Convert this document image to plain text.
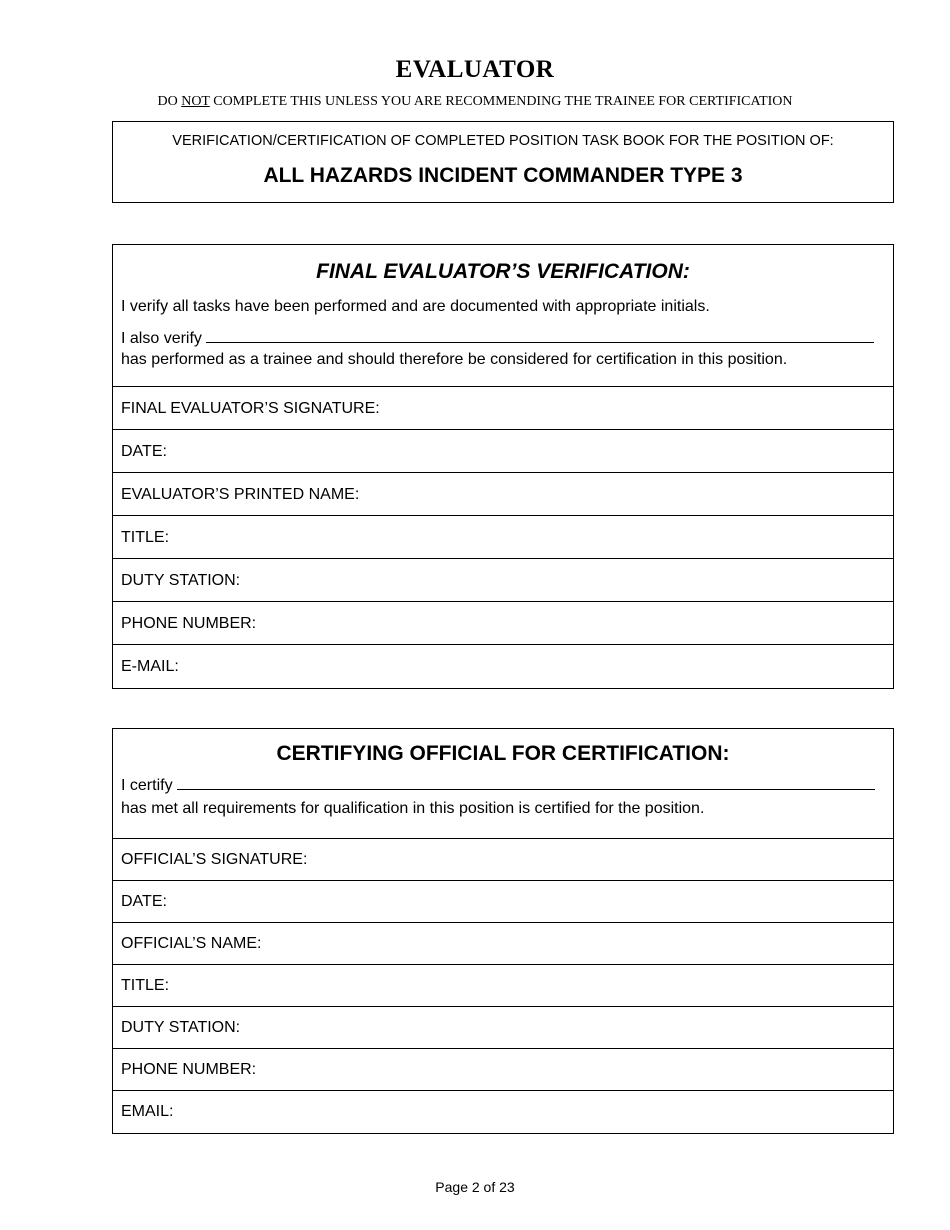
EVALUATOR
DO NOT COMPLETE THIS UNLESS YOU ARE RECOMMENDING THE TRAINEE FOR CERTIFICATION
VERIFICATION/CERTIFICATION OF COMPLETED POSITION TASK BOOK FOR THE POSITION OF:
ALL HAZARDS INCIDENT COMMANDER TYPE 3
FINAL EVALUATOR’S VERIFICATION:

I verify all tasks have been performed and are documented with appropriate initials.

I also verify

has performed as a trainee and should therefore be considered for certification in this position.

FINAL EVALUATOR’S SIGNATURE:
DATE:
EVALUATOR’S PRINTED NAME:
TITLE:
DUTY STATION:
PHONE NUMBER:
E-MAIL:
CERTIFYING OFFICIAL FOR CERTIFICATION:

I certify

has met all requirements for qualification in this position is certified for the position.

OFFICIAL’S SIGNATURE:
DATE:
OFFICIAL’S NAME:
TITLE:
DUTY STATION:
PHONE NUMBER:
EMAIL:
Page 2 of 23
